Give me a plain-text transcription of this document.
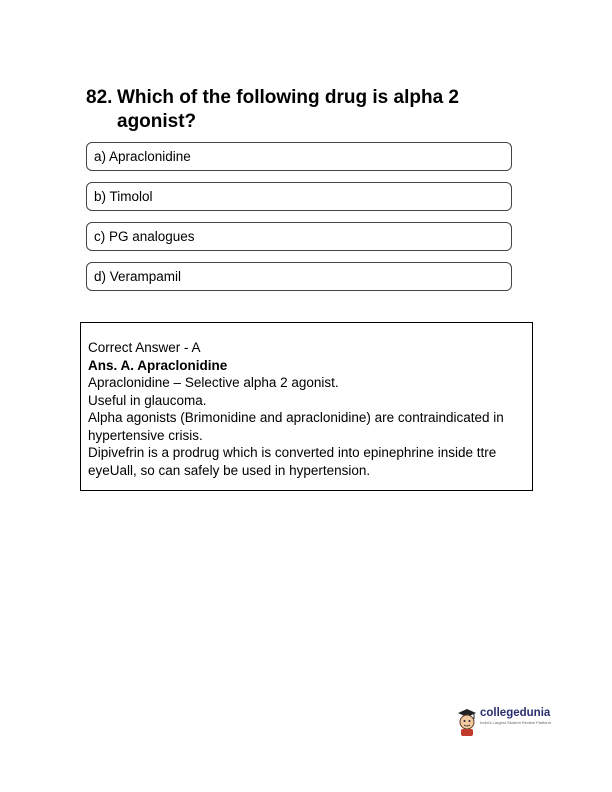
82. Which of the following drug is alpha 2 agonist?
a) Apraclonidine
b) Timolol
c) PG analogues
d) Verampamil
Correct Answer - A
Ans. A. Apraclonidine
Apraclonidine – Selective alpha 2 agonist.
Useful in glaucoma.
Alpha agonists (Brimonidine and apraclonidine) are contraindicated in hypertensive crisis.
Dipivefrin is a prodrug which is converted into epinephrine inside ttre eyeUall, so can safely be used in hypertension.
collegedunia
India's Largest Student Review Platform
